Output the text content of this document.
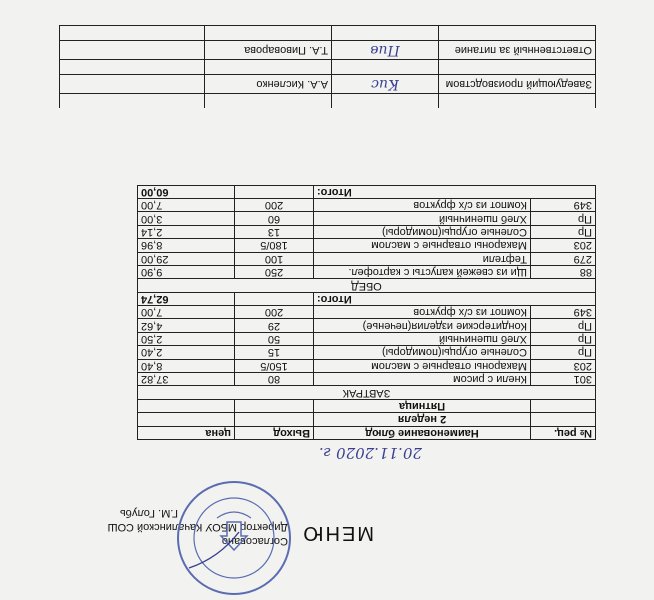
МЕНЮ
Согласовано
Директор МБОУ Качалинской СОШ
Г.М. Голубь
20.11.2020 г.
№ рец.	Наименование блюд	Выход	цена
	2 неделя		
	Пятница		
ЗАВТРАК			
301	Кнели с рисом	80	37,82
203	Макароны отварные с маслом	150/5	8,40
Пр	Соленые огурцы(помидоры)	15	2,40
Пр	Хлеб пшеничный	50	2,50
Пр	Кондитерские изделия(печенье)	29	4,62
349	Компот из с/х фруктов	200	7,00
Итого:			62,74
ОБЕД			
88	Щи из свежей капусты с картофел.	250	9,90
279	Тефтели	100	29,00
203	Макароны отварные с маслом	180/5	8,96
Пр	Соленые огурцы(помидоры)	13	2,14
Пр	Хлеб пшеничный	60	3,00
349	Компот из с/х фруктов	200	7,00
Итого:			60,00

Заведующий производством	Кис	А.А. Кисленко	

Ответственный за питание	Пив	Т.А. Пивоварова	
